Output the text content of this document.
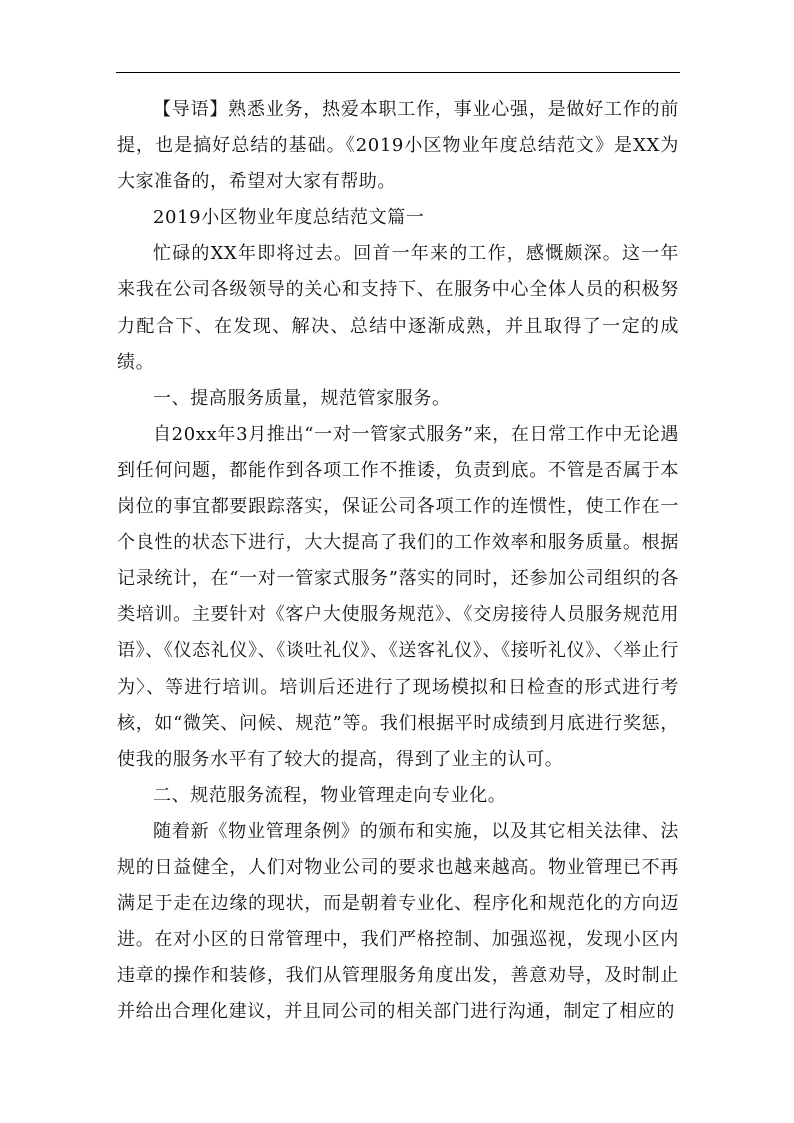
【导语】熟悉业务，热爱本职工作，事业心强，是做好工作的前提，也是搞好总结的基础。《2019小区物业年度总结范文》是XX为大家准备的，希望对大家有帮助。

2019小区物业年度总结范文篇一

忙碌的XX年即将过去。回首一年来的工作，感慨颇深。这一年来我在公司各级领导的关心和支持下、在服务中心全体人员的积极努力配合下、在发现、解决、总结中逐渐成熟，并且取得了一定的成绩。

一、提高服务质量，规范管家服务。

自20xx年3月推出“一对一管家式服务”来，在日常工作中无论遇到任何问题，都能作到各项工作不推诿，负责到底。不管是否属于本岗位的事宜都要跟踪落实，保证公司各项工作的连惯性，使工作在一个良性的状态下进行，大大提高了我们的工作效率和服务质量。根据记录统计，在“一对一管家式服务”落实的同时，还参加公司组织的各类培训。主要针对《客户大使服务规范》、《交房接待人员服务规范用语》、《仪态礼仪》、《谈吐礼仪》、《送客礼仪》、《接听礼仪》、〈举止行为〉、等进行培训。培训后还进行了现场模拟和日检查的形式进行考核，如“微笑、问候、规范”等。我们根据平时成绩到月底进行奖惩，使我的服务水平有了较大的提高，得到了业主的认可。

二、规范服务流程，物业管理走向专业化。

随着新《物业管理条例》的颁布和实施，以及其它相关法律、法规的日益健全，人们对物业公司的要求也越来越高。物业管理已不再满足于走在边缘的现状，而是朝着专业化、程序化和规范化的方向迈进。在对小区的日常管理中，我们严格控制、加强巡视，发现小区内违章的操作和装修，我们从管理服务角度出发，善意劝导，及时制止并给出合理化建议，并且同公司的相关部门进行沟通，制定了相应的
